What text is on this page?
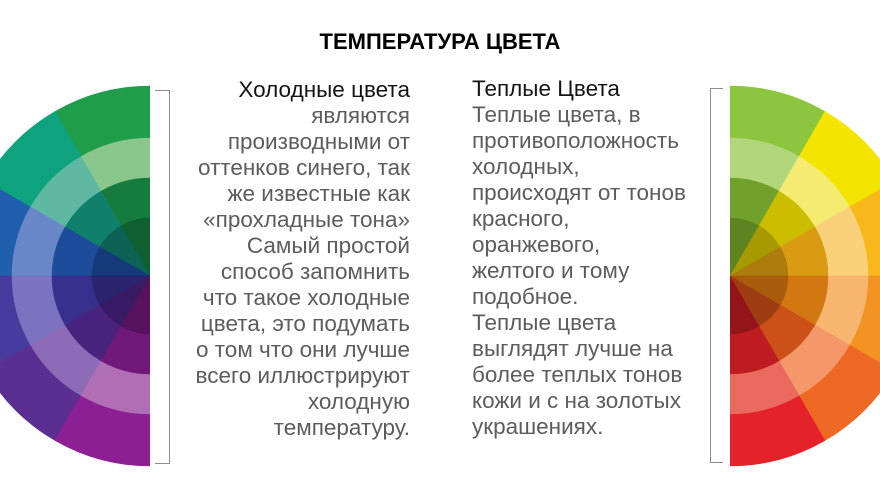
ТЕМПЕРАТУРА ЦВЕТА
Холодные цвета
являются
производными от
оттенков синего, так
же известные как
«прохладные тона»
Самый простой
способ запомнить
что такое холодные
цвета, это подумать
о том что они лучше
всего иллюстрируют
холодную
температуру.
Теплые Цвета
Теплые цвета, в
противоположность
холодных,
происходят от тонов
красного,
оранжевого,
желтого и тому
подобное.
Теплые цвета
выглядят лучше на
более теплых тонов
кожи и с на золотых
украшениях.
